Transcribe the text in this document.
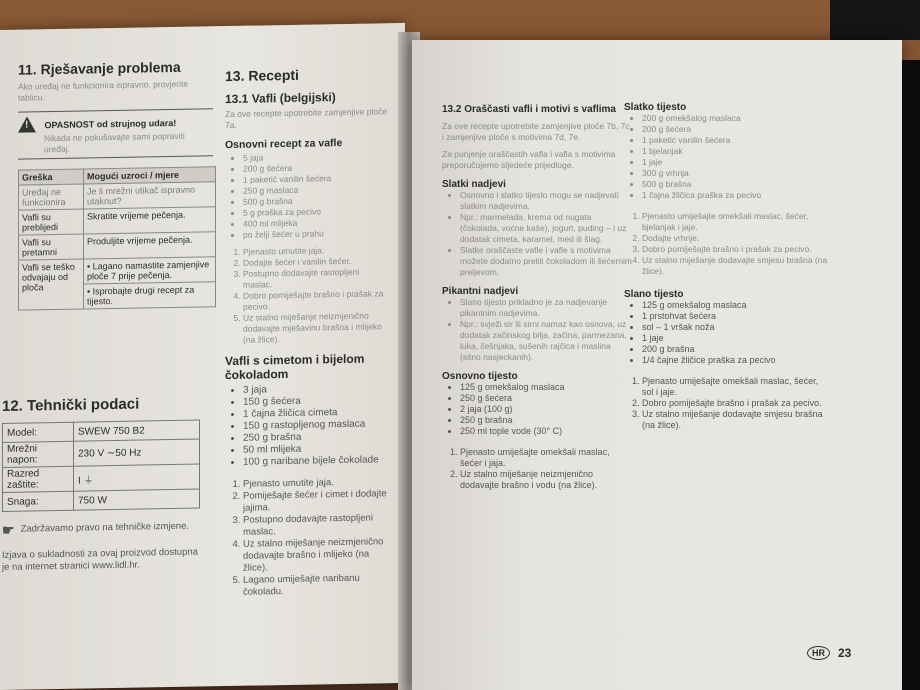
11. Rješavanje problema
Ako uređaj ne funkcionira ispravno, provjerite tablicu.
! OPASNOST od strujnog udara!
Nikada ne pokušavajte sami popraviti uređaj.
Greška	Mogući uzroci / mjere
Uređaj ne funkcionira	Je li mrežni utikač ispravno utaknut?
Vafli su preblijedi	Skratite vrijeme pečenja.
Vafli su pretamni	Produljite vrijeme pečenja.
Vafli se teško odvajaju od ploča	• Lagano namastite zamjenjive ploče 7 prije pečenja.
	• Isprobajte drugi recept za tijesto.
12. Tehnički podaci
Model:	SWEW 750 B2
Mrežni napon:	230 V ∼50 Hz
Razred zaštite:	I ⏚
Snaga:	750 W
☛ Zadržavamo pravo na tehničke izmjene.
Izjava o sukladnosti za ovaj proizvod dostupna je na internet stranici www.lidl.hr.
13. Recepti
13.1 Vafli (belgijski)
Za ove recepte upotrebite zamjenjive ploče 7a.
Osnovni recept za vafle
• 5 jaja
• 200 g šećera
• 1 paketić vanilin šećera
• 250 g maslaca
• 500 g brašna
• 5 g praška za pecivo
• 400 ml mlijeka
• po želji šećer u prahu
1. Pjenasto umutite jaja.
2. Dodajte šećer i vanilin šećer.
3. Postupno dodavajte rastopljeni maslac.
4. Dobro pomiješajte brašno i prašak za pecivo.
5. Uz stalno miješanje neizmjenično dodavajte mješavinu brašna i mlijeko (na žlice).
Vafli s cimetom i bijelom čokoladom
• 3 jaja
• 150 g šećera
• 1 čajna žličica cimeta
• 150 g rastopljenog maslaca
• 250 g brašna
• 50 ml mlijeka
• 100 g naribane bijele čokolade
1. Pjenasto umutite jaja.
2. Pomiješajte šećer i cimet i dodajte jajima.
3. Postupno dodavajte rastopljeni maslac.
4. Uz stalno miješanje neizmjenično dodavajte brašno i mlijeko (na žlice).
5. Lagano umiješajte naribanu čokoladu.
13.2 Oraščasti vafli i motivi s vaflima
Za ove recepte upotrebite zamjenjive ploče 7b, 7c i zamjenjive ploče s motivima 7d, 7e.
Za punjenje oraščastih vafla i vafla s motivima preporučujemo sljedeće prijedloge.
Slatki nadjevi
• Osnovno i slatko tijesto mogu se nadjevati slatkim nadjevima.
• Npr.: marmelada, krema od nugata (čokolada, voćne kaše), jogurt, puding – i uz dodatak cimeta, karamel, med ili šlag.
• Slatke oraščaste vafle i vafle s motivima možete dodatno preliti čokoladom ili šećernim prelјevom.
Pikantni nadjevi
• Slano tijesto prikladno je za nadjevanje pikantnim nadjevima.
• Npr.: svježi sir ili sirni namaz kao osnova, uz dodatak začinskog bilja, začina, parmezana, luka, češnjaka, sušenih rajčica i maslina (sitno nasjeckanih).
Osnovno tijesto
• 125 g omekšalog maslaca
• 250 g šećera
• 2 jaja (100 g)
• 250 g brašna
• 250 ml tople vode (30° C)
1. Pjenasto umiješajte omekšali maslac, šećer i jaja.
2. Uz stalno miješanje neizmjenično dodavajte brašno i vodu (na žlice).
Slatko tijesto
• 200 g omekšalog maslaca
• 200 g šećera
• 1 paketić vanilin šećera
• 1 bjelanjak
• 1 jaje
• 300 g vrhnja
• 500 g brašna
• 1 čajna žličica praška za pecivo
1. Pjenasto umiješajte omekšali maslac, šećer, bjelanjak i jaje.
2. Dodajte vrhnje.
3. Dobro pomiješajte brašno i prašak za pecivo.
4. Uz stalno miješanje dodavajte smjesu brašna (na žlice).
Slano tijesto
• 125 g omekšalog maslaca
• 1 prstohvat šećera
• sol – 1 vršak noža
• 1 jaje
• 200 g brašna
• 1/4 čajne žličice praška za pecivo
1. Pjenasto umiješajte omekšali maslac, šećer, sol i jaje.
2. Dobro pomiješajte brašno i prašak za pecivo.
3. Uz stalno miješanje dodavajte smjesu brašna (na žlice).
HR	23
